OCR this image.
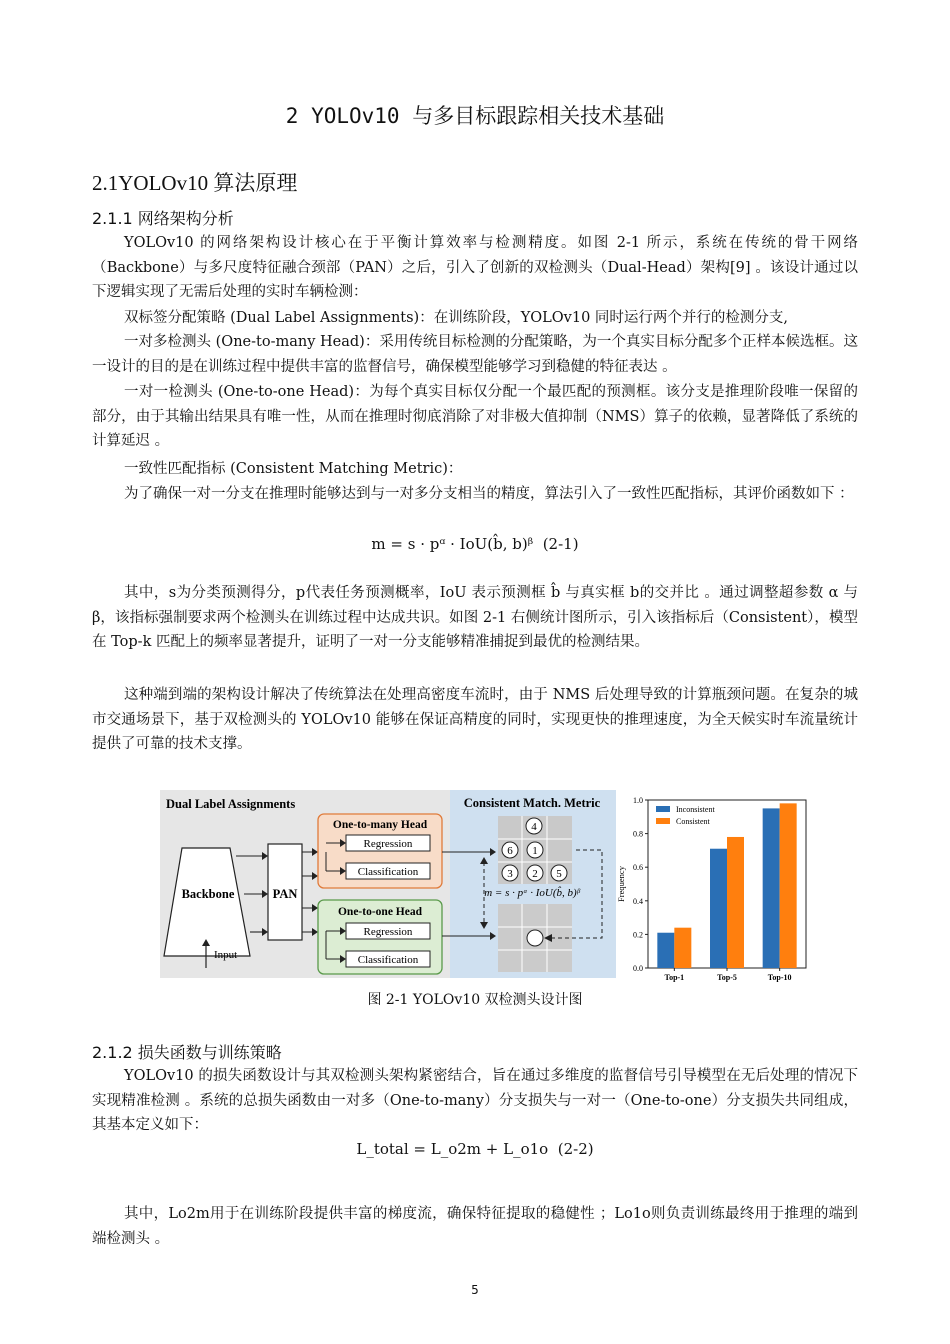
2 YOLOv10 与多目标跟踪相关技术基础
2.1YOLOv10 算法原理
2.1.1 网络架构分析

YOLOv10 的网络架构设计核心在于平衡计算效率与检测精度。如图 2-1 所示，系统在传统的骨干网络（Backbone）与多尺度特征融合颈部（PAN）之后，引入了创新的双检测头（Dual-Head）架构[9] 。该设计通过以下逻辑实现了无需后处理的实时车辆检测：

双标签分配策略 (Dual Label Assignments)：在训练阶段，YOLOv10 同时运行两个并行的检测分支,

一对多检测头 (One-to-many Head)：采用传统目标检测的分配策略，为一个真实目标分配多个正样本候选框。这一设计的目的是在训练过程中提供丰富的监督信号，确保模型能够学习到稳健的特征表达 。

一对一检测头 (One-to-one Head)：为每个真实目标仅分配一个最匹配的预测框。该分支是推理阶段唯一保留的部分，由于其输出结果具有唯一性，从而在推理时彻底消除了对非极大值抑制（NMS）算子的依赖，显著降低了系统的计算延迟 。

一致性匹配指标 (Consistent Matching Metric)：

为了确保一对一分支在推理时能够达到与一对多分支相当的精度，算法引入了一致性匹配指标，其评价函数如下 ：

m = s · pᵅ · IoU(b̂, b)ᵝ (2-1)

其中，s为分类预测得分，p代表任务预测概率，IoU 表示预测框 b̂ 与真实框 b的交并比 。通过调整超参数 α 与 β，该指标强制要求两个检测头在训练过程中达成共识。如图 2-1 右侧统计图所示，引入该指标后（Consistent），模型在 Top-k 匹配上的频率显著提升，证明了一对一分支能够精准捕捉到最优的检测结果。

这种端到端的架构设计解决了传统算法在处理高密度车流时，由于 NMS 后处理导致的计算瓶颈问题。在复杂的城市交通场景下，基于双检测头的 YOLOv10 能够在保证高精度的同时，实现更快的推理速度，为全天候实时车流量统计提供了可靠的技术支撑。

Dual Label Assignments
Backbone
Input
PAN
One-to-many Head
Regression
Classification
One-to-one Head
Regression
Classification
Consistent Match. Metric
4
6 1
3 2 5
m = s · pᵅ · IoU(b̂, b)ᵝ
0.0
0.2
0.4
0.6
0.8
1.0
Frequency
Top-1	Top-5	Top-10
Inconsistent
Consistent
图 2-1 YOLOv10 双检测头设计图
2.1.2 损失函数与训练策略

YOLOv10 的损失函数设计与其双检测头架构紧密结合，旨在通过多维度的监督信号引导模型在无后处理的情况下实现精准检测 。系统的总损失函数由一对多（One-to-many）分支损失与一对一（One-to-one）分支损失共同组成，其基本定义如下：

L_total = L_o2m + L_o1o (2-2)

其中，Lo2m用于在训练阶段提供丰富的梯度流，确保特征提取的稳健性 ；Lo1o则负责训练最终用于推理的端到端检测头 。

5
